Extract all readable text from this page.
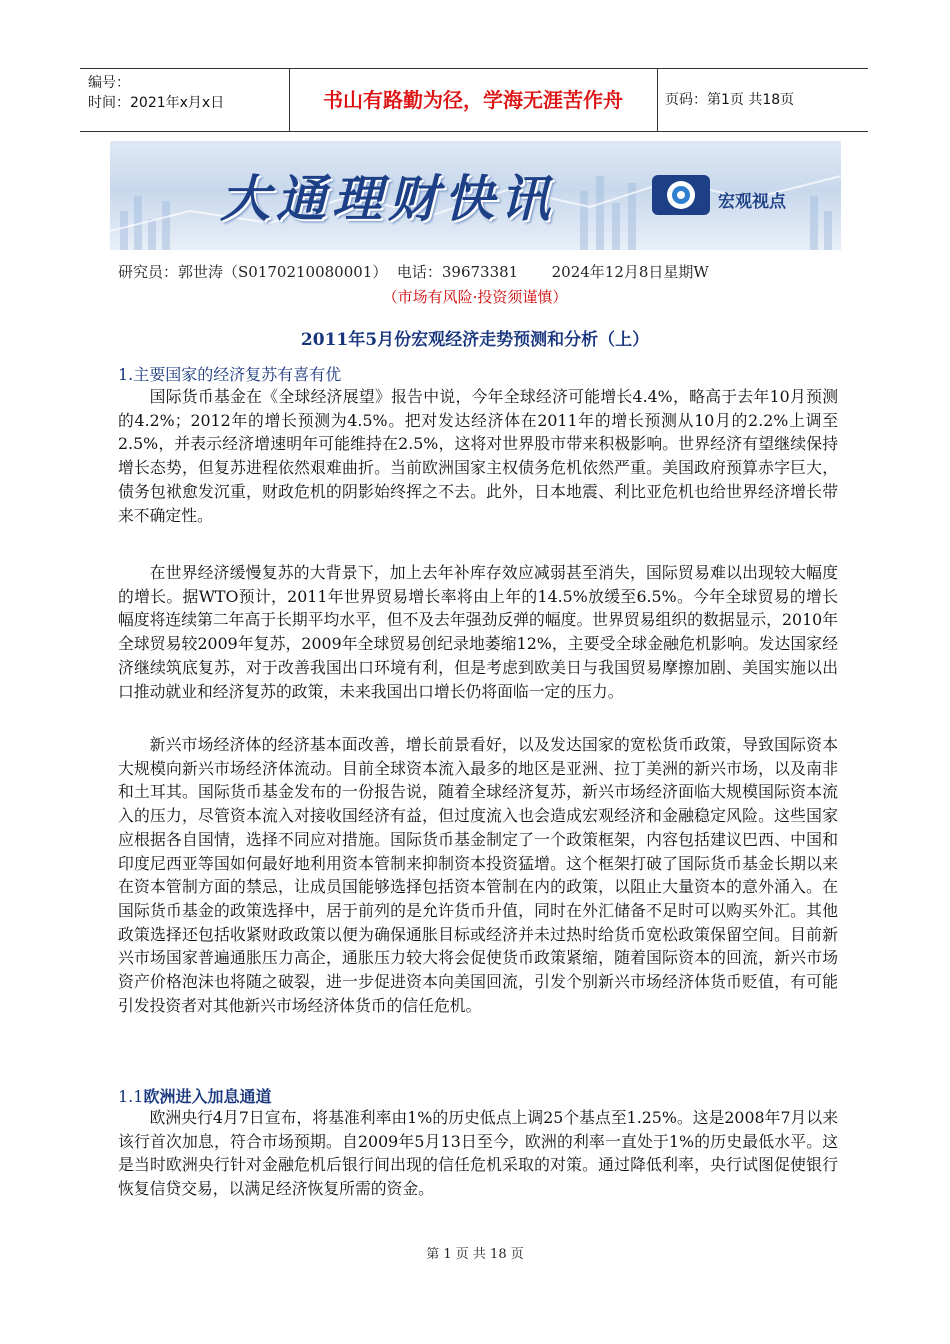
编号：
时间：2021年x月x日	书山有路勤为径，学海无涯苦作舟	页码：第1页 共18页
大通理财快讯	宏观视点
研究员：郭世涛（S0170210080001）  电话：39673381       2024年12月8日星期W
（市场有风险·投资须谨慎）
2011年5月份宏观经济走势预测和分析（上）
1.主要国家的经济复苏有喜有优
国际货币基金在《全球经济展望》报告中说，今年全球经济可能增长4.4%，略高于去年10月预测的4.2%；2012年的增长预测为4.5%。把对发达经济体在2011年的增长预测从10月的2.2%上调至2.5%，并表示经济增速明年可能维持在2.5%，这将对世界股市带来积极影响。世界经济有望继续保持增长态势，但复苏进程依然艰难曲折。当前欧洲国家主权债务危机依然严重。美国政府预算赤字巨大，债务包袱愈发沉重，财政危机的阴影始终挥之不去。此外，日本地震、利比亚危机也给世界经济增长带来不确定性。
在世界经济缓慢复苏的大背景下，加上去年补库存效应减弱甚至消失，国际贸易难以出现较大幅度的增长。据WTO预计，2011年世界贸易增长率将由上年的14.5%放缓至6.5%。今年全球贸易的增长幅度将连续第二年高于长期平均水平，但不及去年强劲反弹的幅度。世界贸易组织的数据显示，2010年全球贸易较2009年复苏，2009年全球贸易创纪录地萎缩12%，主要受全球金融危机影响。发达国家经济继续筑底复苏，对于改善我国出口环境有利，但是考虑到欧美日与我国贸易摩擦加剧、美国实施以出口推动就业和经济复苏的政策，未来我国出口增长仍将面临一定的压力。
新兴市场经济体的经济基本面改善，增长前景看好，以及发达国家的宽松货币政策，导致国际资本大规模向新兴市场经济体流动。目前全球资本流入最多的地区是亚洲、拉丁美洲的新兴市场，以及南非和土耳其。国际货币基金发布的一份报告说，随着全球经济复苏，新兴市场经济面临大规模国际资本流入的压力，尽管资本流入对接收国经济有益，但过度流入也会造成宏观经济和金融稳定风险。这些国家应根据各自国情，选择不同应对措施。国际货币基金制定了一个政策框架，内容包括建议巴西、中国和印度尼西亚等国如何最好地利用资本管制来抑制资本投资猛增。这个框架打破了国际货币基金长期以来在资本管制方面的禁忌，让成员国能够选择包括资本管制在内的政策，以阻止大量资本的意外涌入。在国际货币基金的政策选择中，居于前列的是允许货币升值，同时在外汇储备不足时可以购买外汇。其他政策选择还包括收紧财政政策以便为确保通胀目标或经济并未过热时给货币宽松政策保留空间。目前新兴市场国家普遍通胀压力高企，通胀压力较大将会促使货币政策紧缩，随着国际资本的回流，新兴市场资产价格泡沫也将随之破裂，进一步促进资本向美国回流，引发个别新兴市场经济体货币贬值，有可能引发投资者对其他新兴市场经济体货币的信任危机。
1.1欧洲进入加息通道
欧洲央行4月7日宣布，将基准利率由1%的历史低点上调25个基点至1.25%。这是2008年7月以来该行首次加息，符合市场预期。自2009年5月13日至今，欧洲的利率一直处于1%的历史最低水平。这是当时欧洲央行针对金融危机后银行间出现的信任危机采取的对策。通过降低利率，央行试图促使银行恢复信贷交易，以满足经济恢复所需的资金。
第 1 页 共 18 页
